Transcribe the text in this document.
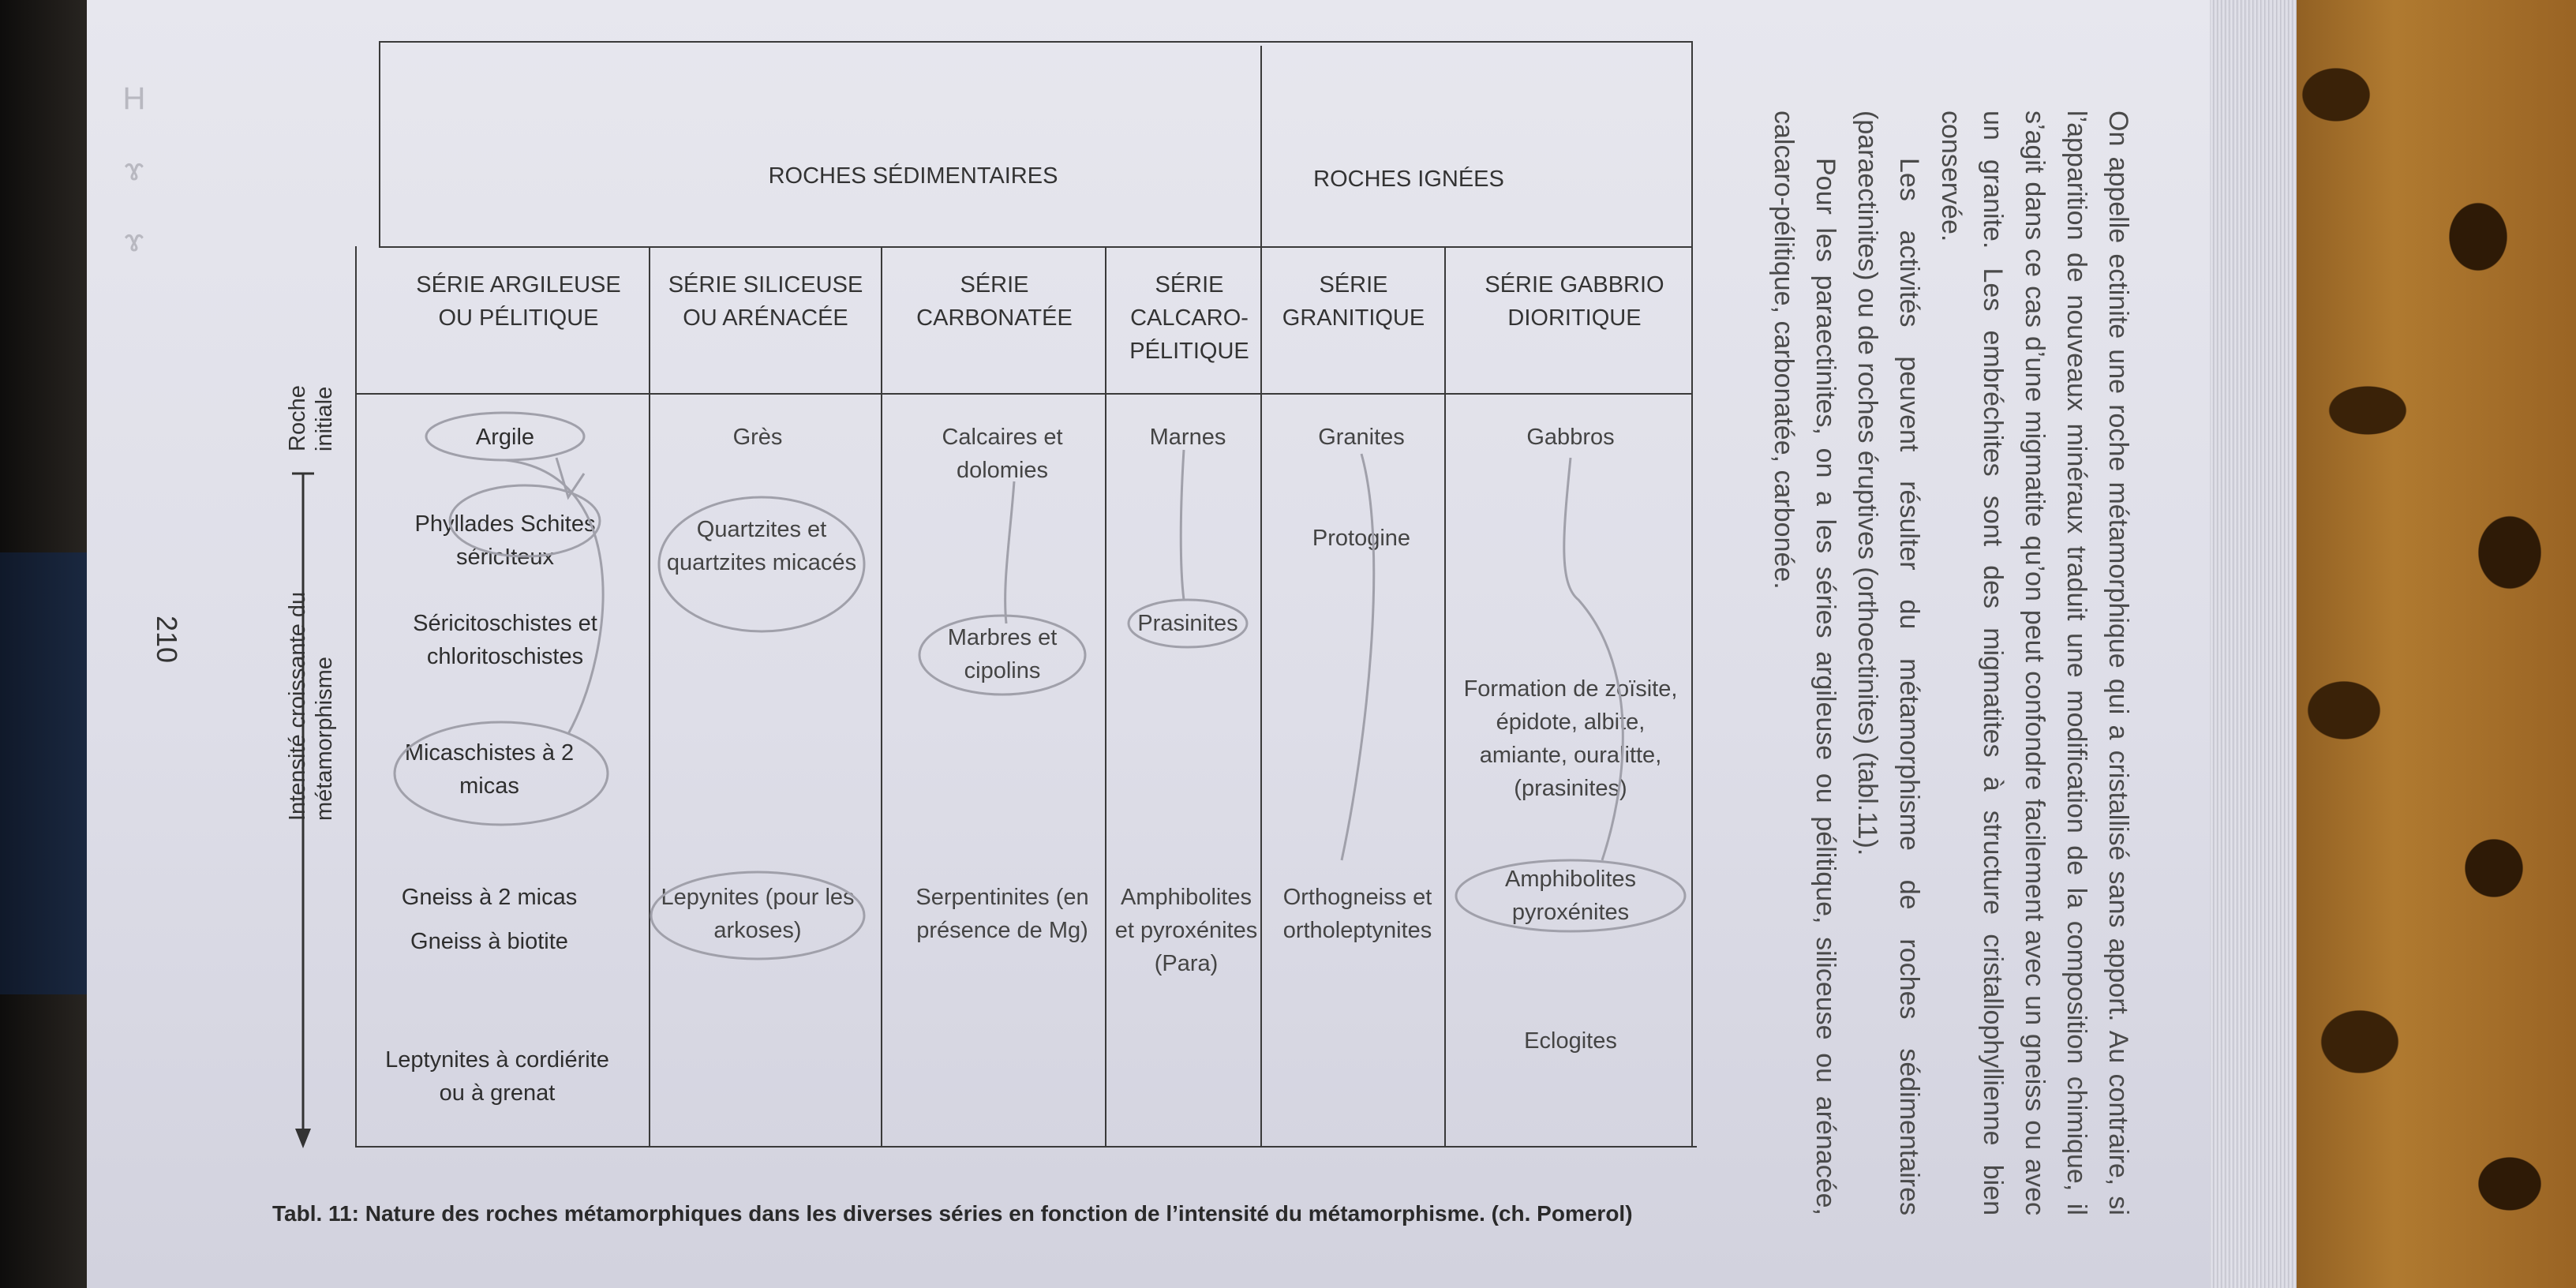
H
ɤ
ɤ
Argile
Phyllades Schites séricIteux
Séricitoschistes et chloritoschistes
Micaschistes à 2 micas
Gneiss à 2 micas
Gneiss à biotite
Leptynites à cordiérite ou à grenat
Grès
Quartzites et quartzites micacés
Lepynites (pour les arkoses)
Calcaires et dolomies
Marbres et cipolins
Serpentinites (en présence de Mg)
Marnes
Prasinites
Amphibolites et pyroxénites (Para)
Granites
Protogine
Orthogneiss et ortholeptynites
Gabbros
Formation de zoïsite, épidote, albite, amiante, ouralitte, (prasinites)
Amphibolites pyroxénites
Eclogites
ROCHES SÉDIMENTAIRES	ROCHES IGNÉES
SÉRIE ARGILEUSE OU PÉLITIQUE
SÉRIE SILICEUSE OU ARÉNACÉE
SÉRIE CARBONATÉE
SÉRIE CALCARO-PÉLITIQUE
SÉRIE GRANITIQUE
SÉRIE GABBRIO DIORITIQUE
Roche initiale
Intensité croissante du métamorphisme	On appelle ectinite une roche métamorphique qui a cristallisé sans apport. Au contraire, si l’apparition de nouveaux minéraux traduit une modification de la composition chimique, il s’agit dans ce cas d’une migmatite qu’on peut confondre facilement avec un gneiss ou avec un granite. Les embréchites sont des migmatites à structure cristallophyllienne bien conservée.

Les activités peuvent résulter du métamorphisme de roches sédimentaires (paraectinites) ou de roches éruptives (orthoectinites) (tabl.11).

Pour les paraectinites, on a les séries argileuse ou pélitique, siliceuse ou arénacée, calcaro-pélitique, carbonatée, carbonée.

Tabl. 11: Nature des roches métamorphiques dans les diverses séries en fonction de l’intensité du métamorphisme. (ch. Pomerol)
210
